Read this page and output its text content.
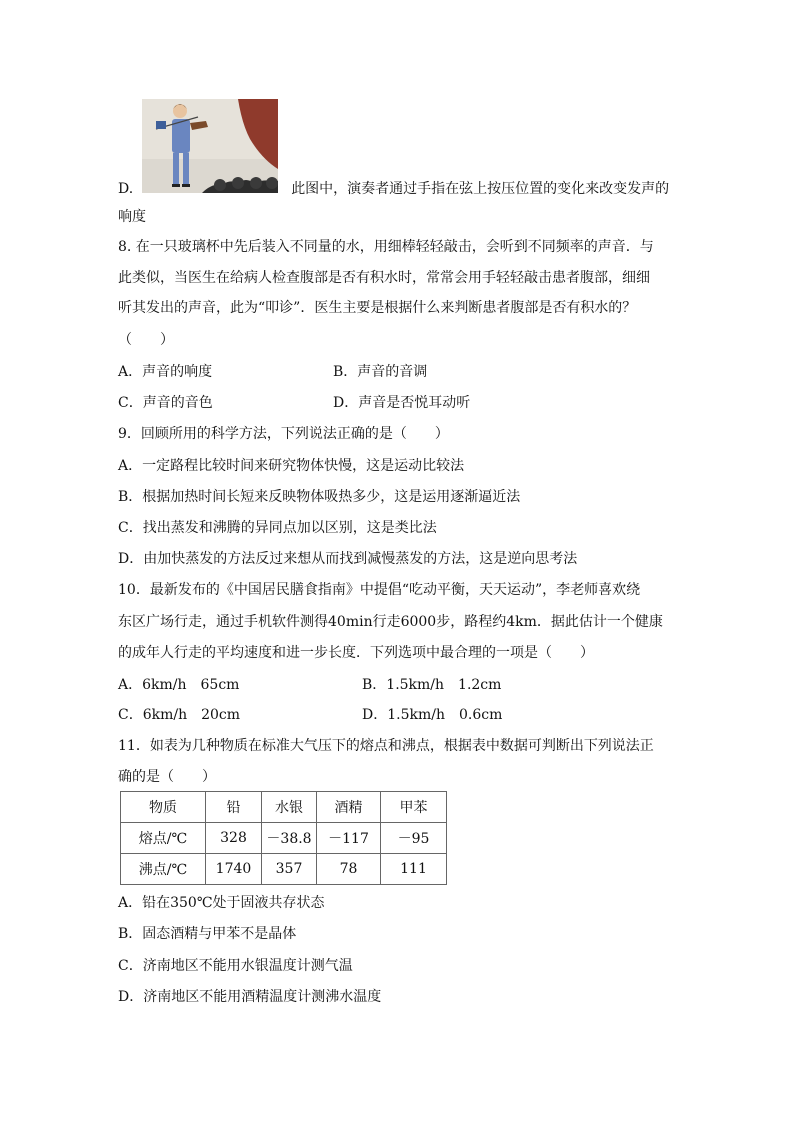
D.	此图中，演奏者通过手指在弦上按压位置的变化来改变发声的
响度
8. 在一只玻璃杯中先后装入不同量的水，用细棒轻轻敲击，会听到不同频率的声音．与
此类似，当医生在给病人检查腹部是否有积水时，常常会用手轻轻敲击患者腹部，细细
听其发出的声音，此为“叩诊”．医生主要是根据什么来判断患者腹部是否有积水的？
（　　）
A．声音的响度	B．声音的音调
C．声音的音色	D．声音是否悦耳动听
9．回顾所用的科学方法，下列说法正确的是（　　）
A．一定路程比较时间来研究物体快慢，这是运动比较法
B．根据加热时间长短来反映物体吸热多少，这是运用逐渐逼近法
C．找出蒸发和沸腾的异同点加以区别，这是类比法
D．由加快蒸发的方法反过来想从而找到减慢蒸发的方法，这是逆向思考法
10．最新发布的《中国居民膳食指南》中提倡“吃动平衡，天天运动”，李老师喜欢绕
东区广场行走，通过手机软件测得40min行走6000步，路程约4km．据此估计一个健康
的成年人行走的平均速度和进一步长度．下列选项中最合理的一项是（　　）
A．6km/h　65cm	B．1.5km/h　1.2cm
C．6km/h　20cm	D．1.5km/h　0.6cm
11．如表为几种物质在标准大气压下的熔点和沸点，根据表中数据可判断出下列说法正
确的是（　　）
物质	铅	水银	酒精	甲苯
熔点/℃	328	－38.8	－117	－95
沸点/℃	1740	357	78	111
A．铅在350℃处于固液共存状态
B．固态酒精与甲苯不是晶体
C．济南地区不能用水银温度计测气温
D．济南地区不能用酒精温度计测沸水温度
